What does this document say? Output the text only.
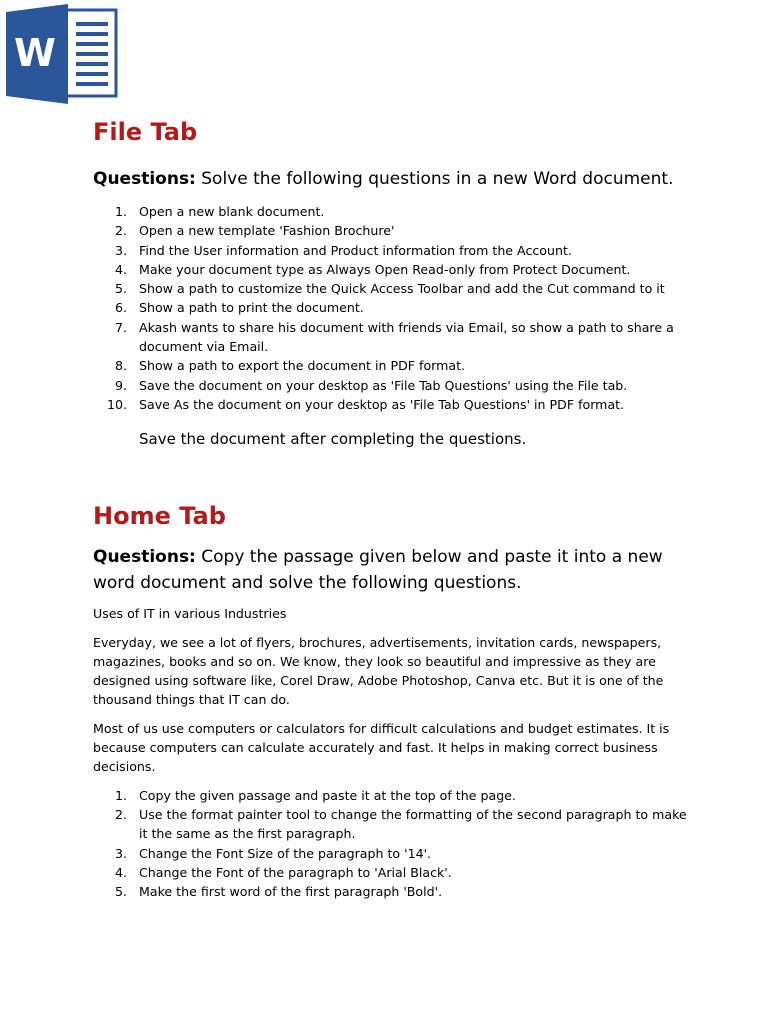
W
File Tab

Questions: Solve the following questions in a new Word document.

1. Open a new blank document.
2. Open a new template 'Fashion Brochure'
3. Find the User information and Product information from the Account.
4. Make your document type as Always Open Read-only from Protect Document.
5. Show a path to customize the Quick Access Toolbar and add the Cut command to it
6. Show a path to print the document.
7. Akash wants to share his document with friends via Email, so show a path to share a document via Email.
8. Show a path to export the document in PDF format.
9. Save the document on your desktop as 'File Tab Questions' using the File tab.
10. Save As the document on your desktop as 'File Tab Questions' in PDF format.

Save the document after completing the questions.

Home Tab

Questions: Copy the passage given below and paste it into a new word document and solve the following questions.

Uses of IT in various Industries

Everyday, we see a lot of flyers, brochures, advertisements, invitation cards, newspapers, magazines, books and so on. We know, they look so beautiful and impressive as they are designed using software like, Corel Draw, Adobe Photoshop, Canva etc. But it is one of the thousand things that IT can do.

Most of us use computers or calculators for difficult calculations and budget estimates. It is because computers can calculate accurately and fast. It helps in making correct business decisions.

1. Copy the given passage and paste it at the top of the page.
2. Use the format painter tool to change the formatting of the second paragraph to make it the same as the first paragraph.
3. Change the Font Size of the paragraph to '14'.
4. Change the Font of the paragraph to 'Arial Black'.
5. Make the first word of the first paragraph 'Bold'.
